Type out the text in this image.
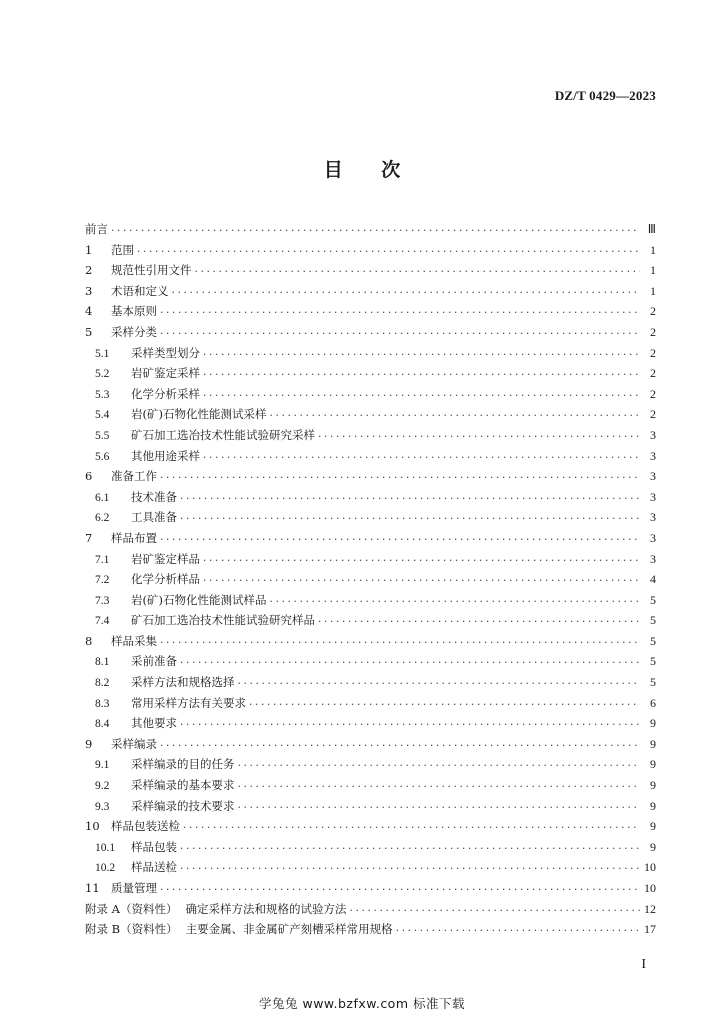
DZ/T 0429—2023
目 次
前言 ·····	Ⅲ
1	范围 ·····	1
2	规范性引用文件 ·····	1
3	术语和定义 ·····	1
4	基本原则 ·····	2
5	采样分类 ·····	2
5.1	采样类型划分 ·····	2
5.2	岩矿鉴定采样 ·····	2
5.3	化学分析采样 ·····	2
5.4	岩(矿)石物化性能测试采样 ·····	2
5.5	矿石加工选冶技术性能试验研究采样 ·····	3
5.6	其他用途采样 ·····	3
6	准备工作 ·····	3
6.1	技术准备 ·····	3
6.2	工具准备 ·····	3
7	样品布置 ·····	3
7.1	岩矿鉴定样品 ·····	3
7.2	化学分析样品 ·····	4
7.3	岩(矿)石物化性能测试样品 ·····	5
7.4	矿石加工选冶技术性能试验研究样品 ·····	5
8	样品采集 ·····	5
8.1	采前准备 ·····	5
8.2	采样方法和规格选择 ·····	5
8.3	常用采样方法有关要求 ·····	6
8.4	其他要求 ·····	9
9	采样编录 ·····	9
9.1	采样编录的目的任务 ·····	9
9.2	采样编录的基本要求 ·····	9
9.3	采样编录的技术要求 ·····	9
10 样品包装送检 ·····	9
10.1	样品包装 ·····	9
10.2	样品送检 ·····	10
11 质量管理 ·····	10
附录 A（资料性） 确定采样方法和规格的试验方法 ·····	12
附录 B（资料性） 主要金属、非金属矿产刻槽采样常用规格 ·····	17
I
学兔兔 www.bzfxw.com 标准下载
